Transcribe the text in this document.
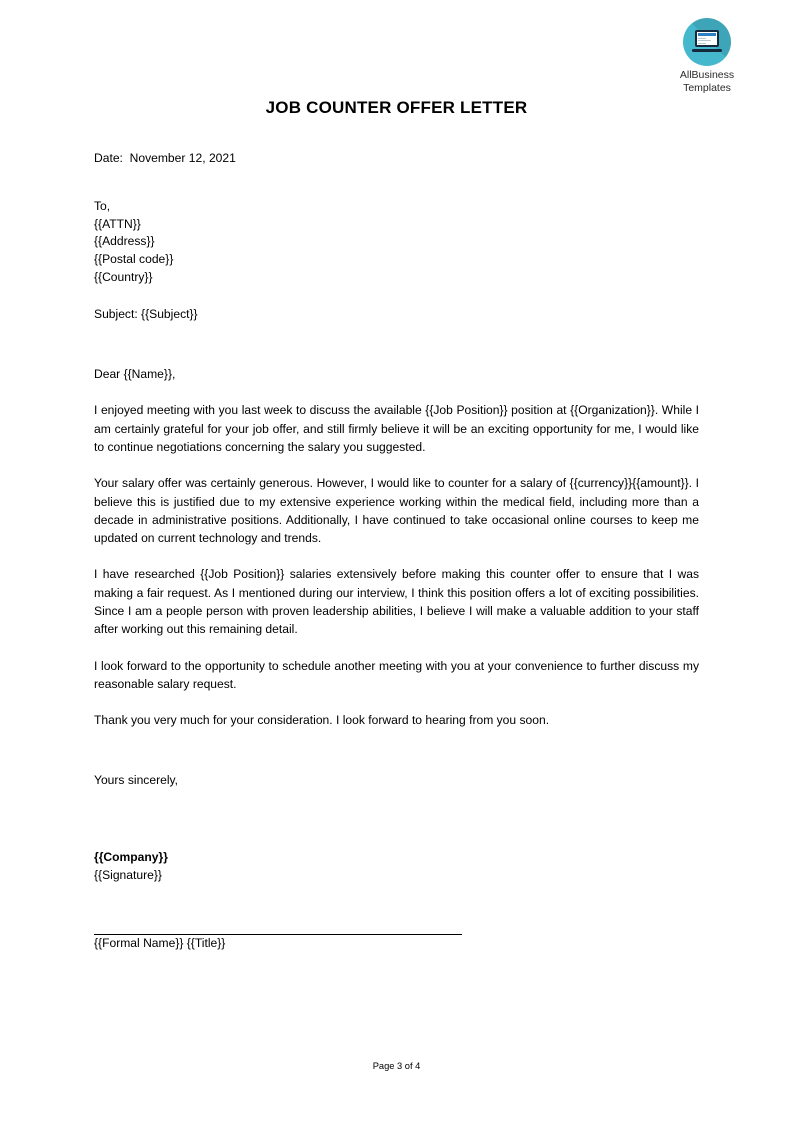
AllBusiness
Templates
JOB COUNTER OFFER LETTER
Date:  November 12, 2021
To,
{{ATTN}}
{{Address}}
{{Postal code}}
{{Country}}
Subject: {{Subject}}
Dear {{Name}},

I enjoyed meeting with you last week to discuss the available {{Job Position}} position at {{Organization}}. While I am certainly grateful for your job offer, and still firmly believe it will be an exciting opportunity for me, I would like to continue negotiations concerning the salary you suggested.

Your salary offer was certainly generous. However, I would like to counter for a salary of {{currency}}{{amount}}. I believe this is justified due to my extensive experience working within the medical field, including more than a decade in administrative positions. Additionally, I have continued to take occasional online courses to keep me updated on current technology and trends.

I have researched {{Job Position}} salaries extensively before making this counter offer to ensure that I was making a fair request. As I mentioned during our interview, I think this position offers a lot of exciting possibilities. Since I am a people person with proven leadership abilities, I believe I will make a valuable addition to your staff after working out this remaining detail.

I look forward to the opportunity to schedule another meeting with you at your convenience to further discuss my reasonable salary request.

Thank you very much for your consideration. I look forward to hearing from you soon.

Yours sincerely,
{{Company}}
{{Signature}}
{{Formal Name}} {{Title}}
Page 3 of 4
